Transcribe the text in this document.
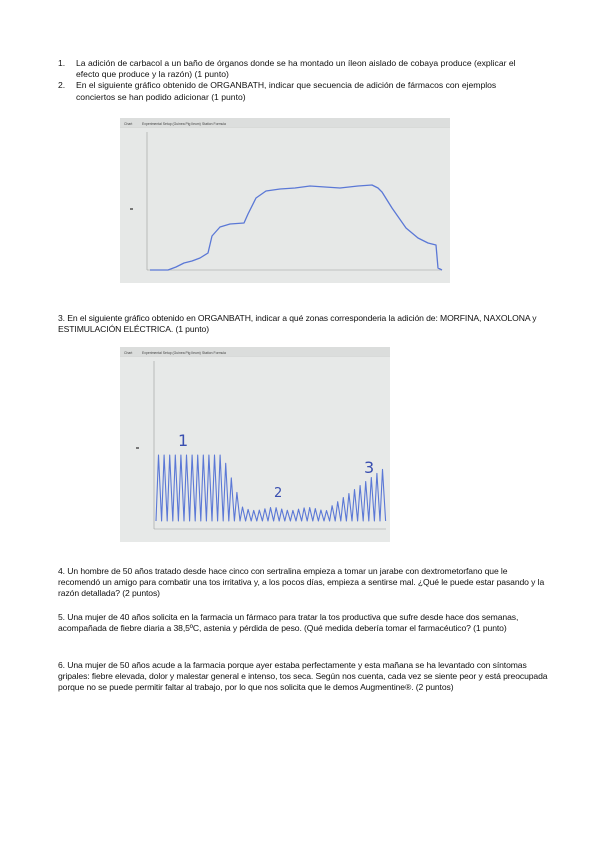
1. La adición de carbacol a un baño de órganos donde se ha montado un íleon aislado de cobaya produce (explicar el efecto que produce y la razón) (1 punto)
2. En el siguiente gráfico obtenido de ORGANBATH, indicar que secuencia de adición de fármacos con ejemplos conciertos se han podido adicionar (1 punto)
Chart	Experimental Setup (Guinea Pig Ileum) Station Formula
3. En el siguiente gráfico obtenido en ORGANBATH, indicar a qué zonas corresponderia la adición de: MORFINA, NAXOLONA y ESTIMULACIÓN ELÉCTRICA. (1 punto)
Chart	Experimental Setup (Guinea Pig Ileum) Station Formula
1
2
3
4. Un hombre de 50 años tratado desde hace cinco con sertralina empieza a tomar un jarabe con dextrometorfano que le recomendó un amigo para combatir una tos irritativa y, a los pocos días, empieza a sentirse mal. ¿Qué le puede estar pasando y la razón detallada? (2 puntos)
5. Una mujer de 40 años solicita en la farmacia un fármaco para tratar la tos productiva que sufre desde hace dos semanas, acompañada de fiebre diaria a 38,5ºC, astenia y pérdida de peso. (Qué medida debería tomar el farmacéutico? (1 punto)
6. Una mujer de 50 años acude a la farmacia porque ayer estaba perfectamente y esta mañana se ha levantado con síntomas gripales: fiebre elevada, dolor y malestar general e intenso, tos seca. Según nos cuenta, cada vez se siente peor y está preocupada porque no se puede permitir faltar al trabajo, por lo que nos solicita que le demos Augmentine®. (2 puntos)
